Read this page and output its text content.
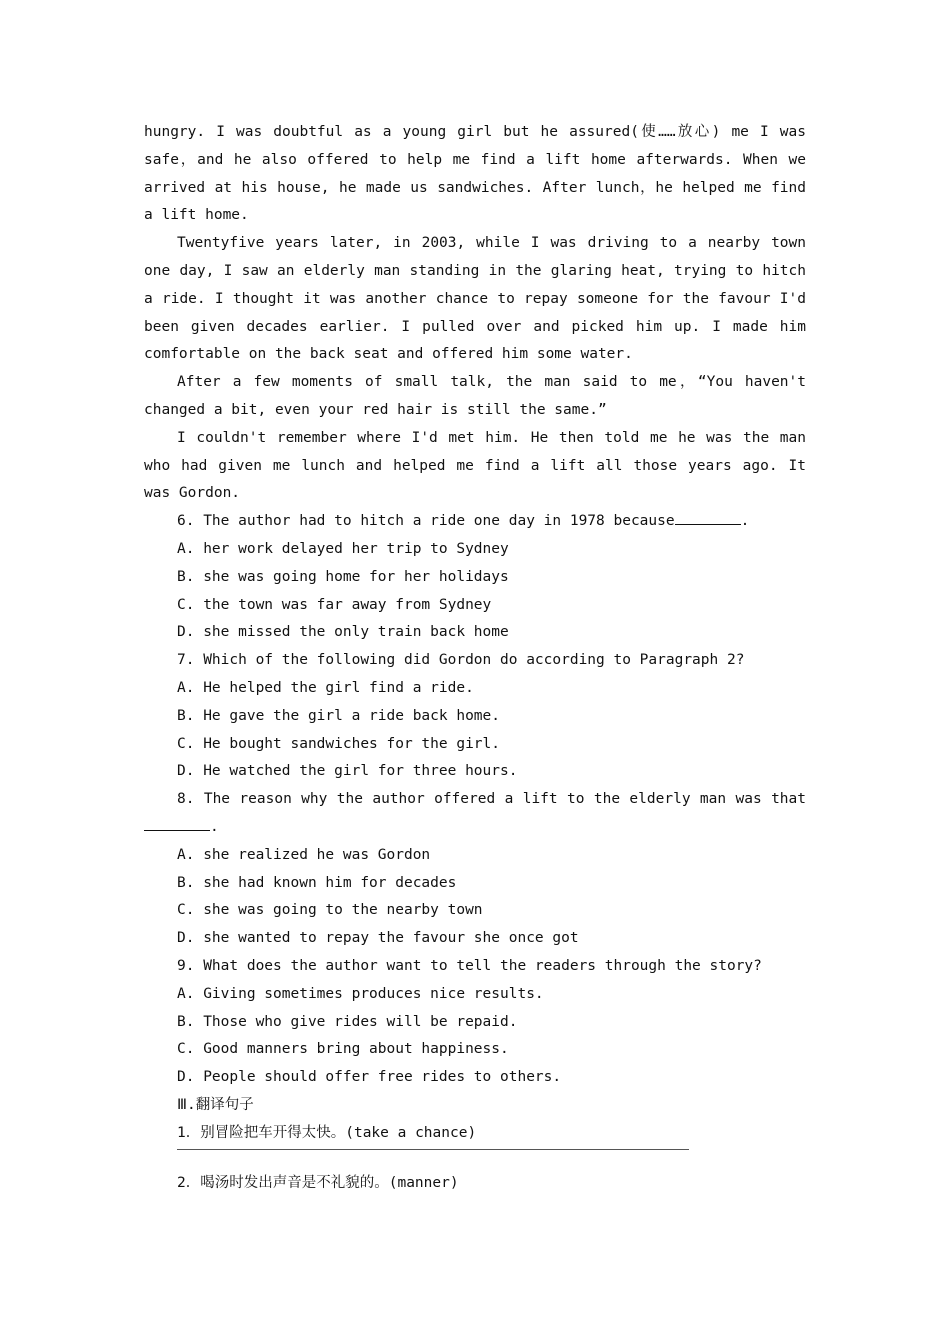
hungry. I was doubtful as a young girl but he assured(使……放心) me I was safe，and he also offered to help me find a lift home afterwards. When we arrived at his house, he made us sandwiches. After lunch，he helped me find a lift home.

Twentyfive years later, in 2003, while I was driving to a nearby town one day, I saw an elderly man standing in the glaring heat, trying to hitch a ride. I thought it was another chance to repay someone for the favour I'd been given decades earlier. I pulled over and picked him up. I made him comfortable on the back seat and offered him some water.

After a few moments of small talk, the man said to me，“You haven't changed a bit, even your red hair is still the same.”

I couldn't remember where I'd met him. He then told me he was the man who had given me lunch and helped me find a lift all those years ago. It was Gordon.

6. The author had to hitch a ride one day in 1978 because	.

A. her work delayed her trip to Sydney

B. she was going home for her holidays

C. the town was far away from Sydney

D. she missed the only train back home

7. Which of the following did Gordon do according to Paragraph 2?

A. He helped the girl find a ride.

B. He gave the girl a ride back home.

C. He bought sandwiches for the girl.

D. He watched the girl for three hours.

8. The reason why the author offered a lift to the elderly man was that.

A. she realized he was Gordon

B. she had known him for decades

C. she was going to the nearby town

D. she wanted to repay the favour she once got

9. What does the author want to tell the readers through the story?

A. Giving sometimes produces nice results.

B. Those who give rides will be repaid.

C. Good manners bring about happiness.

D. People should offer free rides to others.

Ⅲ.翻译句子

1．别冒险把车开得太快。(take a chance)

2．喝汤时发出声音是不礼貌的。(manner)
